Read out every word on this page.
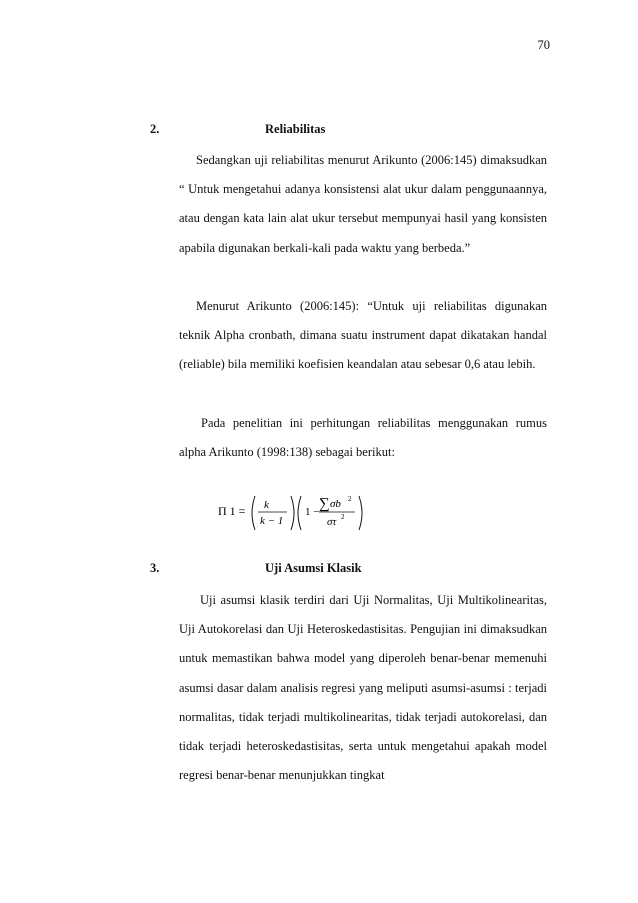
70
2.	Reliabilitas

Sedangkan uji reliabilitas menurut Arikunto (2006:145) dimaksudkan “ Untuk mengetahui adanya konsistensi alat ukur dalam penggunaannya, atau dengan kata lain alat ukur tersebut mempunyai hasil yang konsisten apabila digunakan berkali-kali pada waktu yang berbeda.”

Menurut Arikunto (2006:145): “Untuk uji reliabilitas digunakan teknik Alpha cronbath, dimana suatu instrument dapat dikatakan handal (reliable) bila memiliki koefisien keandalan atau sebesar 0,6 atau lebih.

Pada penelitian ini perhitungan reliabilitas menggunakan rumus alpha Arikunto (1998:138) sebagai berikut:

Π 1 = k
k − 1
1 − ∑ σb 2
στ 2
3.	Uji Asumsi Klasik

Uji asumsi klasik terdiri dari Uji Normalitas, Uji Multikolinearitas, Uji Autokorelasi dan Uji Heteroskedastisitas. Pengujian ini dimaksudkan untuk memastikan bahwa model yang diperoleh benar-benar memenuhi asumsi dasar dalam analisis regresi yang meliputi asumsi-asumsi : terjadi normalitas, tidak terjadi multikolinearitas, tidak terjadi autokorelasi, dan tidak terjadi heteroskedastisitas, serta untuk mengetahui apakah model regresi benar-benar menunjukkan tingkat
